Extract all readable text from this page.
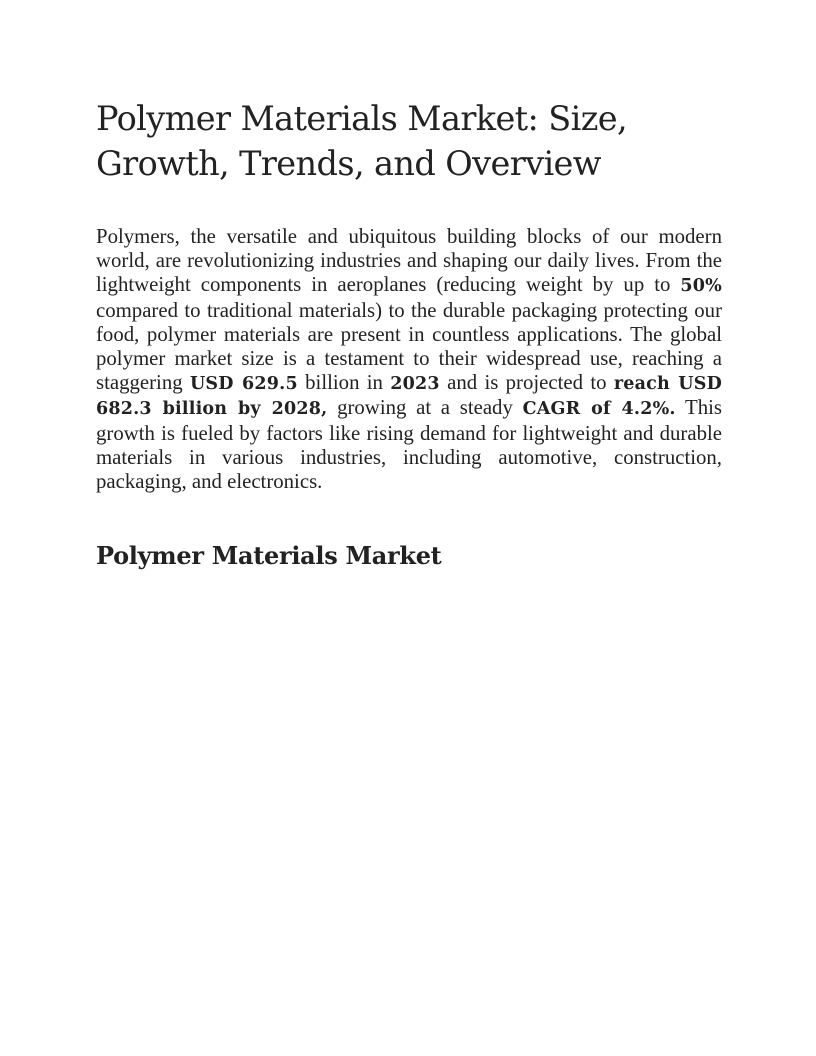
Polymer Materials Market: Size, Growth, Trends, and Overview

Polymers, the versatile and ubiquitous building blocks of our modern world, are revolutionizing industries and shaping our daily lives. From the lightweight components in aeroplanes (reducing weight by up to 50% compared to traditional materials) to the durable packaging protecting our food, polymer materials are present in countless applications. The global polymer market size is a testament to their widespread use, reaching a staggering USD 629.5 billion in 2023 and is projected to reach USD 682.3 billion by 2028, growing at a steady CAGR of 4.2%. This growth is fueled by factors like rising demand for lightweight and durable materials in various industries, including automotive, construction, packaging, and electronics.

Polymer Materials Market
